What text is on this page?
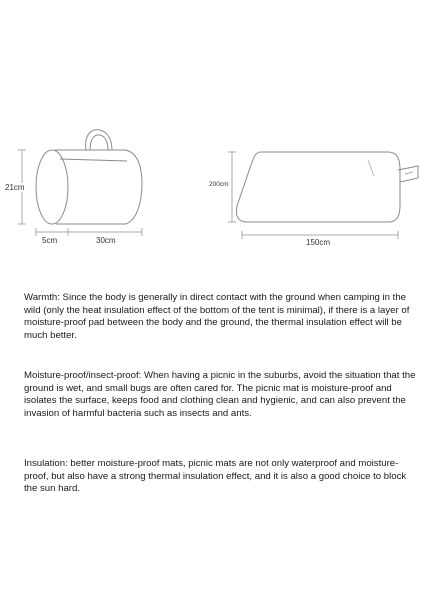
21cm
5cm	30cm
200cm
150cm

Warmth: Since the body is generally in direct contact with the ground when camping in the wild (only the heat insulation effect of the bottom of the tent is minimal), if there is a layer of moisture-proof pad between the body and the ground, the thermal insulation effect will be much better.

Moisture-proof/insect-proof: When having a picnic in the suburbs, avoid the situation that the ground is wet, and small bugs are often cared for. The picnic mat is moisture-proof and isolates the surface, keeps food and clothing clean and hygienic, and can also prevent the invasion of harmful bacteria such as insects and ants.

Insulation: better moisture-proof mats, picnic mats are not only waterproof and moisture-proof, but also have a strong thermal insulation effect, and it is also a good choice to block the sun hard.
